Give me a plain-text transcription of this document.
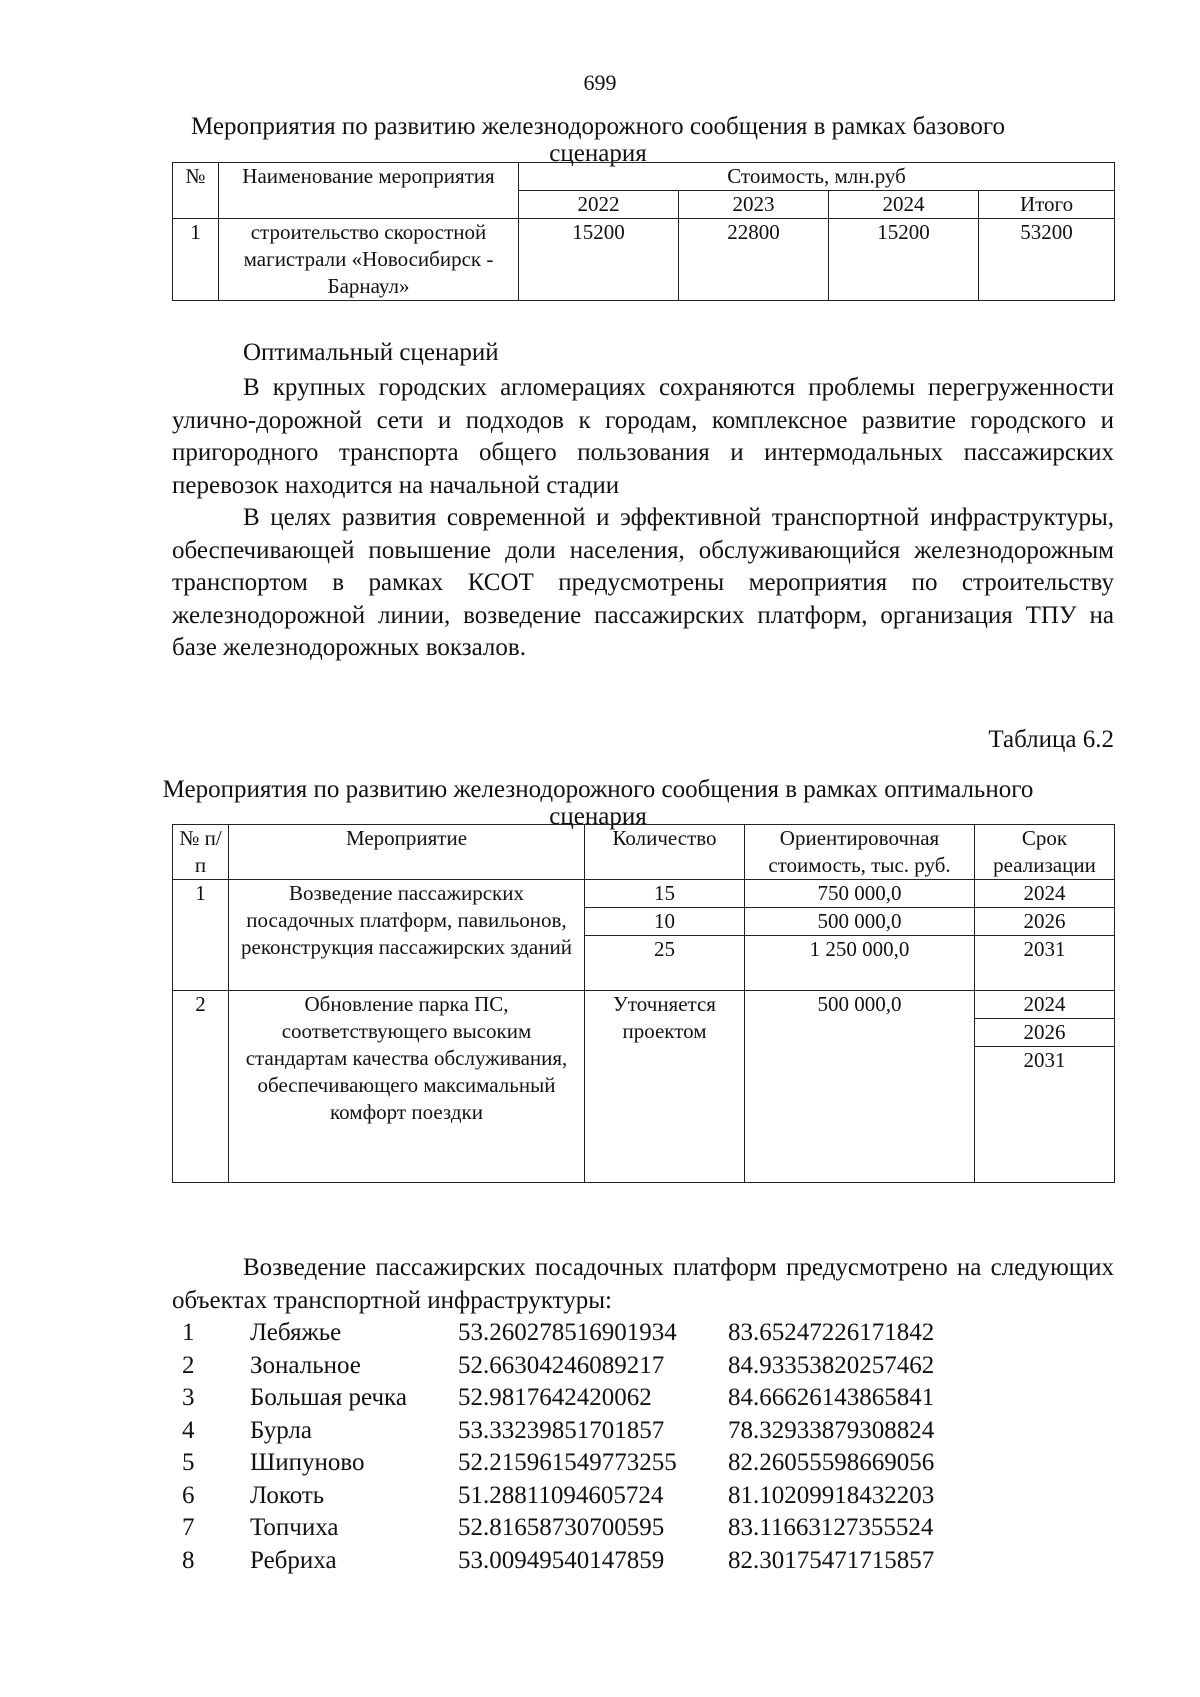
699
Мероприятия по развитию железнодорожного сообщения в рамках базового сценария
№	Наименование мероприятия	Стоимость, млн.руб			
		2022	2023	2024	Итого
1	строительство скоростной магистрали «Новосибирск - Барнаул»	15200	22800	15200	53200
Оптимальный сценарий
В крупных городских агломерациях сохраняются проблемы перегруженности улично-дорожной сети и подходов к городам, комплексное развитие городского и пригородного транспорта общего пользования и интермодальных пассажирских перевозок находится на начальной стадии
В целях развития современной и эффективной транспортной инфраструктуры, обеспечивающей повышение доли населения, обслуживающийся железнодорожным транспортом в рамках КСОТ предусмотрены мероприятия по строительству железнодорожной линии, возведение пассажирских платформ, организация ТПУ на базе железнодорожных вокзалов.
Таблица 6.2
Мероприятия по развитию железнодорожного сообщения в рамках оптимального сценария
№ п/п	Мероприятие	Количество	Ориентировочная стоимость, тыс. руб.	Срок реализации
1	Возведение пассажирских посадочных платформ, павильонов, реконструкция пассажирских зданий	15	750 000,0	2024
		10	500 000,0	2026
		25	1 250 000,0	2031
2	Обновление парка ПС, соответствующего высоким стандартам качества обслуживания, обеспечивающего максимальный комфорт поездки	Уточняется проектом	500 000,0	2024
				2026
				2031
Возведение пассажирских посадочных платформ предусмотрено на следующих объектах транспортной инфраструктуры:
1 Лебяжье	53.260278516901934 83.65247226171842
2 Зональное	52.66304246089217	84.93353820257462
3 Большая речка 52.9817642420062	84.66626143865841
4 Бурла	53.33239851701857	78.32933879308824
5 Шипуново	52.215961549773255 82.26055598669056
6 Локоть	51.28811094605724	81.10209918432203
7 Топчиха	52.81658730700595	83.11663127355524
8 Ребриха	53.00949540147859	82.30175471715857
